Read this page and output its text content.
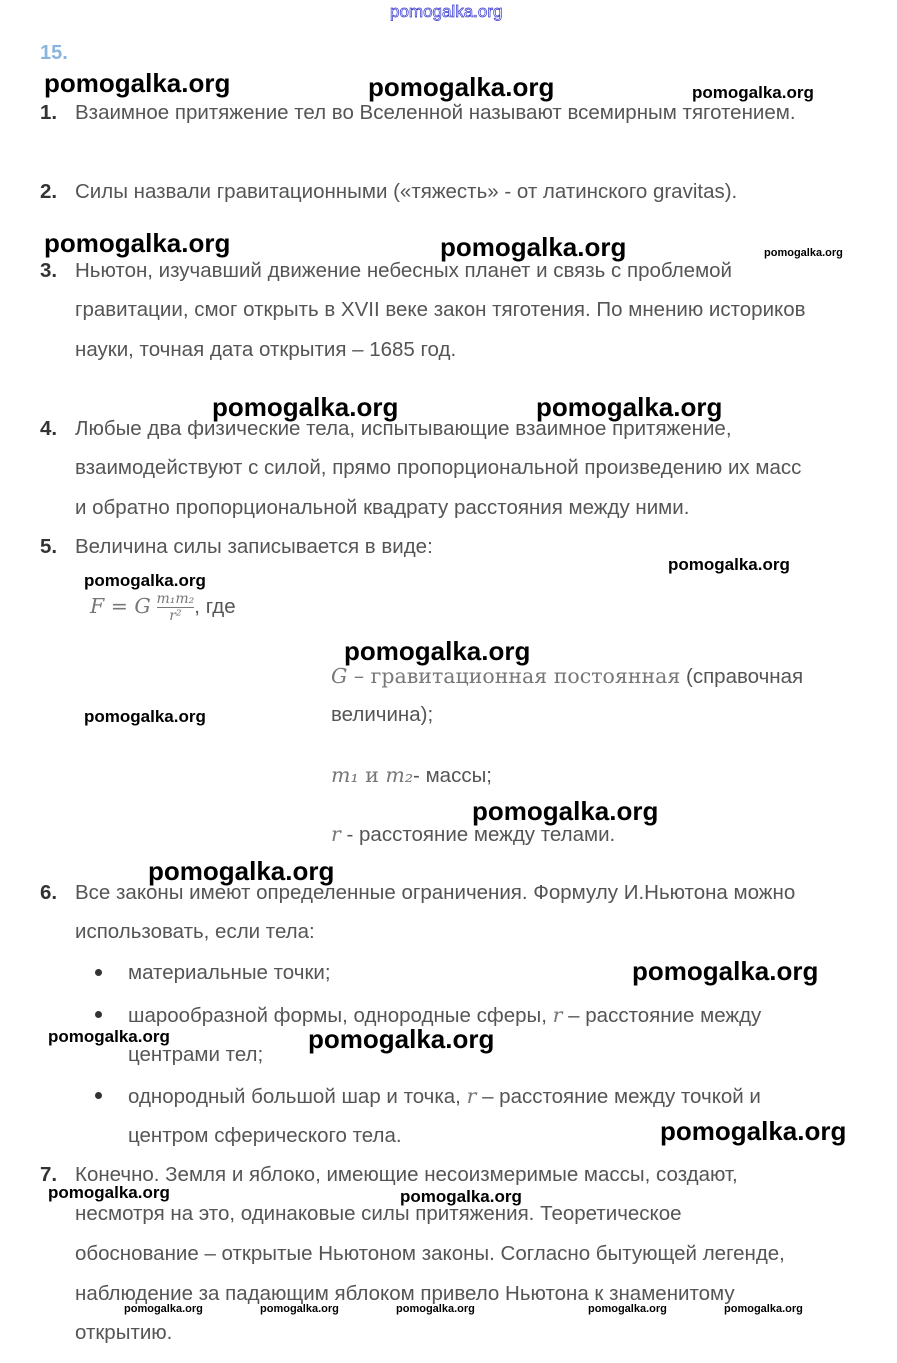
pomogalka.org
15.
1. Взаимное притяжение тел во Вселенной называют всемирным тяготением.
2. Силы назвали гравитационными («тяжесть» - от латинского gravitas).
3. Ньютон, изучавший движение небесных планет и связь с проблемой
гравитации, смог открыть в XVII веке закон тяготения. По мнению историков
науки, точная дата открытия – 1685 год.
4. Любые два физические тела, испытывающие взаимное притяжение,
взаимодействуют с силой, прямо пропорциональной произведению их масс
и обратно пропорциональной квадрату расстояния между ними.
5. Величина силы записывается в виде:
F = G $\frac{\text{m₁m₂}}{\text{r²}}$ , где
G – гравитационная постоянная (справочная
величина);
m₁ и m₂- массы;
r - расстояние между телами.
6. Все законы имеют определенные ограничения. Формулу И.Ньютона можно
использовать, если тела:
материальные точки;
шарообразной формы, однородные сферы, r – расстояние между
центрами тел;
однородный большой шар и точка, r – расстояние между точкой и
центром сферического тела.
7. Конечно. Земля и яблоко, имеющие несоизмеримые массы, создают,
несмотря на это, одинаковые силы притяжения. Теоретическое
обоснование – открытые Ньютоном законы. Согласно бытующей легенде,
наблюдение за падающим яблоком привело Ньютона к знаменитому
открытию.
pomogalka.org	pomogalka.org	pomogalka.org
pomogalka.org	pomogalka.org	pomogalka.org
pomogalka.org	pomogalka.org
pomogalka.org
pomogalka.org
pomogalka.org
pomogalka.org
pomogalka.org
pomogalka.org
pomogalka.org
pomogalka.org	pomogalka.org
pomogalka.org
pomogalka.org	pomogalka.org
pomogalka.org	pomogalka.org	pomogalka.org	pomogalka.org	pomogalka.org
